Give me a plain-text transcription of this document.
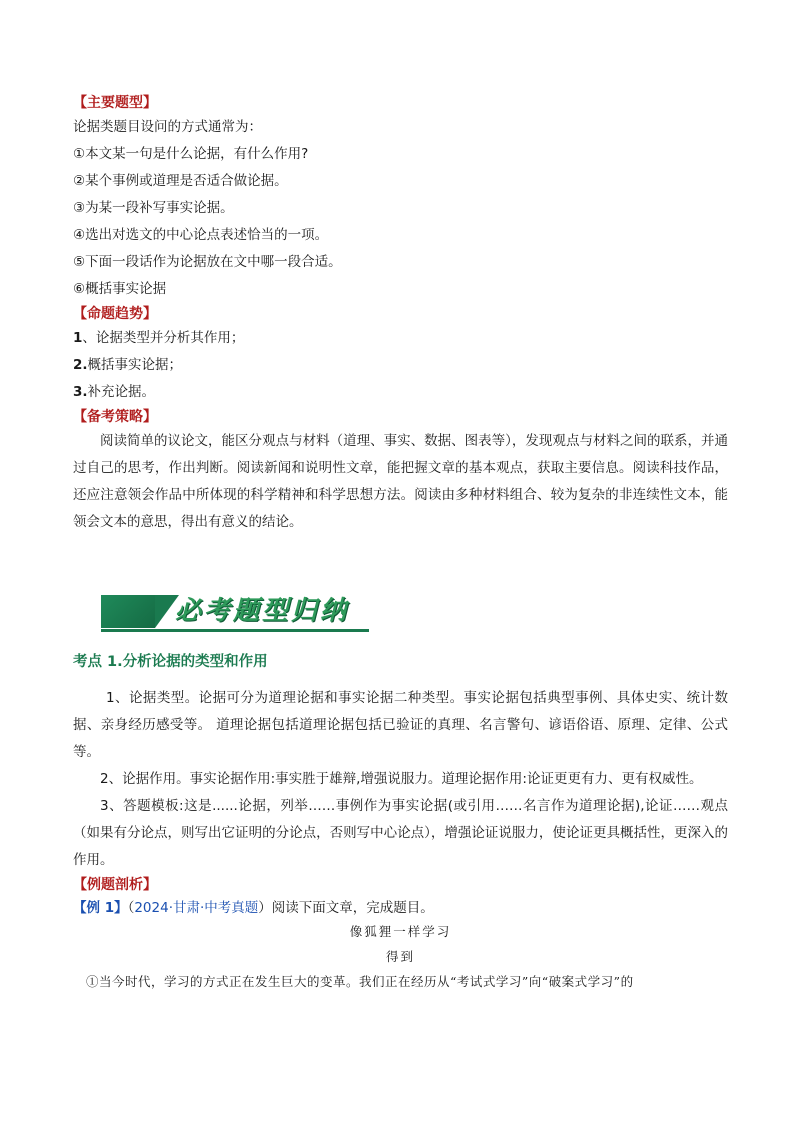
【主要题型】
论据类题目设问的方式通常为：
①本文某一句是什么论据，有什么作用?
②某个事例或道理是否适合做论据。
③为某一段补写事实论据。
④选出对选文的中心论点表述恰当的一项。
⑤下面一段话作为论据放在文中哪一段合适。
⑥概括事实论据
【命题趋势】
1、论据类型并分析其作用；
2.概括事实论据；
3.补充论据。
【备考策略】
阅读简单的议论文，能区分观点与材料（道理、事实、数据、图表等），发现观点与材料之间的联系，并通过自己的思考，作出判断。阅读新闻和说明性文章，能把握文章的基本观点，获取主要信息。阅读科技作品，还应注意领会作品中所体现的科学精神和科学思想方法。阅读由多种材料组合、较为复杂的非连续性文本，能领会文本的意思，得出有意义的结论。
必考题型归纳
考点 1.分析论据的类型和作用
1、论据类型。论据可分为道理论据和事实论据二种类型。事实论据包括典型事例、具体史实、统计数据、亲身经历感受等。 道理论据包括道理论据包括已验证的真理、名言警句、谚语俗语、原理、定律、公式等。
2、论据作用。事实论据作用:事实胜于雄辩,增强说服力。道理论据作用:论证更更有力、更有权威性。
3、答题模板:这是......论据，列举……事例作为事实论据(或引用……名言作为道理论据),论证……观点（如果有分论点，则写出它证明的分论点，否则写中心论点），增强论证说服力，使论证更具概括性，更深入的作用。
【例题剖析】
【例 1】（2024·甘肃·中考真题）阅读下面文章，完成题目。
像狐狸一样学习
得到
①当今时代，学习的方式正在发生巨大的变革。我们正在经历从“考试式学习”向“破案式学习”的
